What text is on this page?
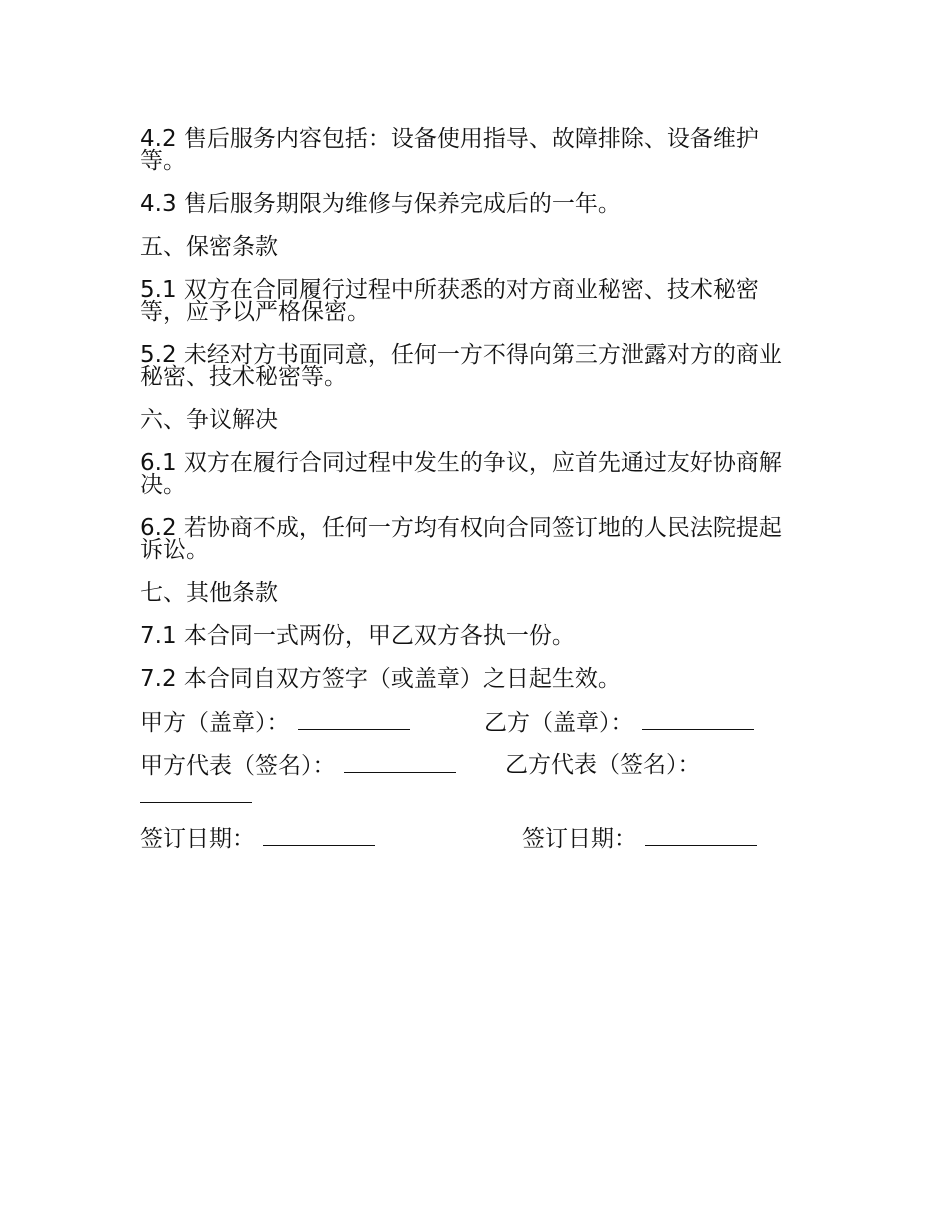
4.2 售后服务内容包括：设备使用指导、故障排除、设备维护等。

4.3 售后服务期限为维修与保养完成后的一年。

五、保密条款

5.1 双方在合同履行过程中所获悉的对方商业秘密、技术秘密等，应予以严格保密。

5.2 未经对方书面同意，任何一方不得向第三方泄露对方的商业秘密、技术秘密等。

六、争议解决

6.1 双方在履行合同过程中发生的争议，应首先通过友好协商解决。

6.2 若协商不成，任何一方均有权向合同签订地的人民法院提起诉讼。

七、其他条款

7.1 本合同一式两份，甲乙双方各执一份。

7.2 本合同自双方签字（或盖章）之日起生效。

甲方（盖章）：	乙方（盖章）：
甲方代表（签名）：	乙方代表（签名）：
签订日期：	签订日期：
